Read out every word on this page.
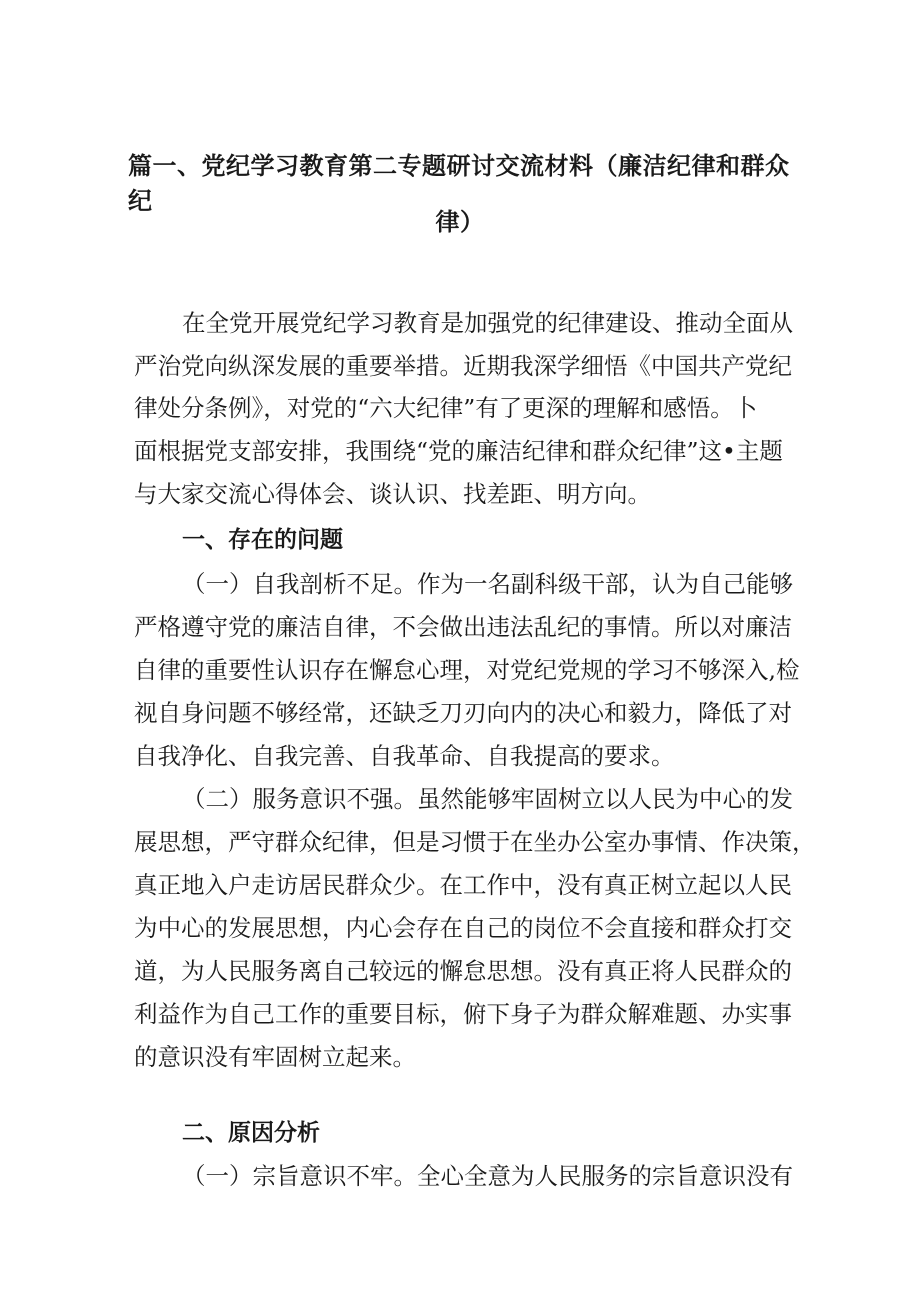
篇一、党纪学习教育第二专题研讨交流材料（廉洁纪律和群众纪
律）

在全党开展党纪学习教育是加强党的纪律建设、推动全面从

严治党向纵深发展的重要举措。近期我深学细悟《中国共产党纪

律处分条例》，对党的“六大纪律”有了更深的理解和感悟。卜

面根据党支部安排，我围绕“党的廉洁纪律和群众纪律”这•主题

与大家交流心得体会、谈认识、找差距、明方向。

一、存在的问题

（一）自我剖析不足。作为一名副科级干部，认为自己能够

严格遵守党的廉洁自律，不会做出违法乱纪的事情。所以对廉洁

自律的重要性认识存在懈怠心理，对党纪党规的学习不够深入,检

视自身问题不够经常，还缺乏刀刃向内的决心和毅力，降低了对

自我净化、自我完善、自我革命、自我提高的要求。

（二）服务意识不强。虽然能够牢固树立以人民为中心的发

展思想，严守群众纪律，但是习惯于在坐办公室办事情、作决策，

真正地入户走访居民群众少。在工作中，没有真正树立起以人民

为中心的发展思想，内心会存在自己的岗位不会直接和群众打交

道，为人民服务离自己较远的懈怠思想。没有真正将人民群众的

利益作为自己工作的重要目标，俯下身子为群众解难题、办实事

的意识没有牢固树立起来。

二、原因分析

（一）宗旨意识不牢。全心全意为人民服务的宗旨意识没有
